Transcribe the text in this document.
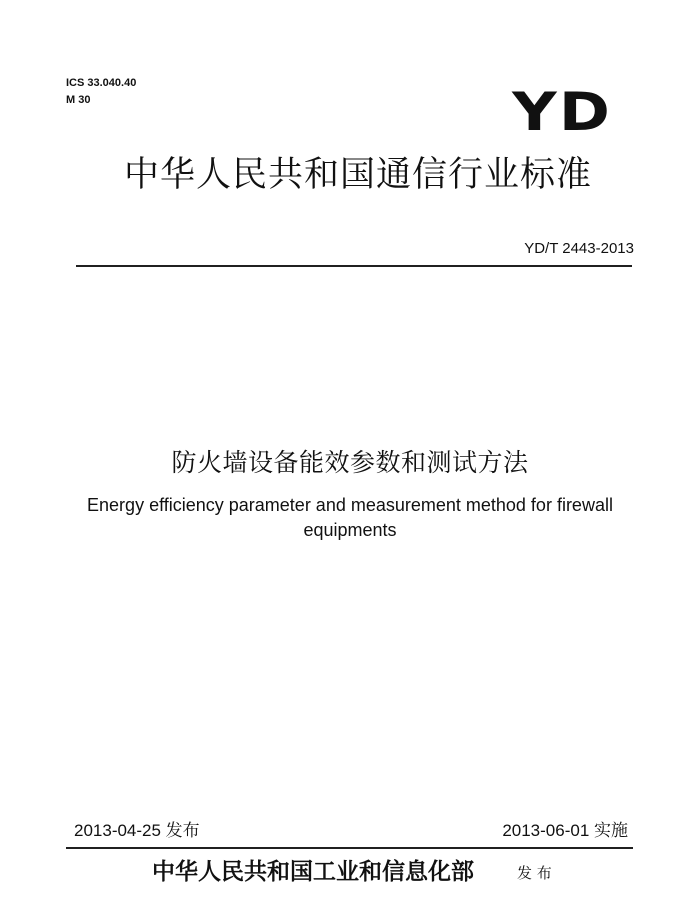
ICS 33.040.40
M 30	YD
中华人民共和国通信行业标准
YD/T 2443-2013
防火墙设备能效参数和测试方法
Energy efficiency parameter and measurement method for firewall
equipments
2013-04-25 发布	2013-06-01 实施
中华人民共和国工业和信息化部	发 布
